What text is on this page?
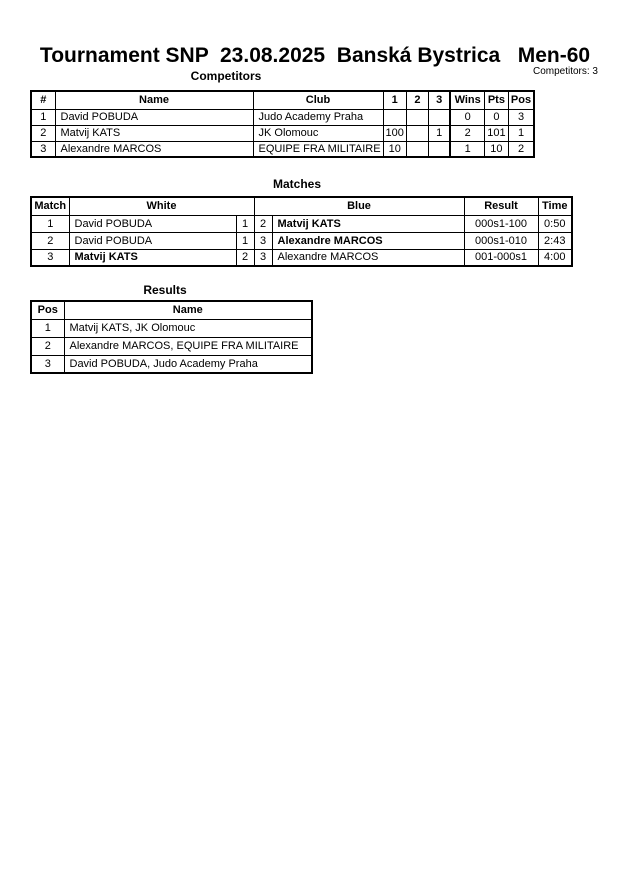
Tournament SNP  23.08.2025  Banská Bystrica   Men-60
Competitors	Competitors: 3
#	Name	Club	1	2	3	Wins	Pts	Pos
1	David POBUDA	Judo Academy Praha				0	0	3
2	Matvij KATS	JK Olomouc	100		1	2	101	1
3	Alexandre MARCOS	EQUIPE FRA MILITAIRE	10			1	10	2
Matches
Match	White		Blue		Result	Time
1	David POBUDA	1	2	Matvij KATS	000s1-100	0:50
2	David POBUDA	1	3	Alexandre MARCOS	000s1-010	2:43
3	Matvij KATS	2	3	Alexandre MARCOS	001-000s1	4:00
Results
Pos	Name
1	Matvij KATS, JK Olomouc
2	Alexandre MARCOS, EQUIPE FRA MILITAIRE
3	David POBUDA, Judo Academy Praha
